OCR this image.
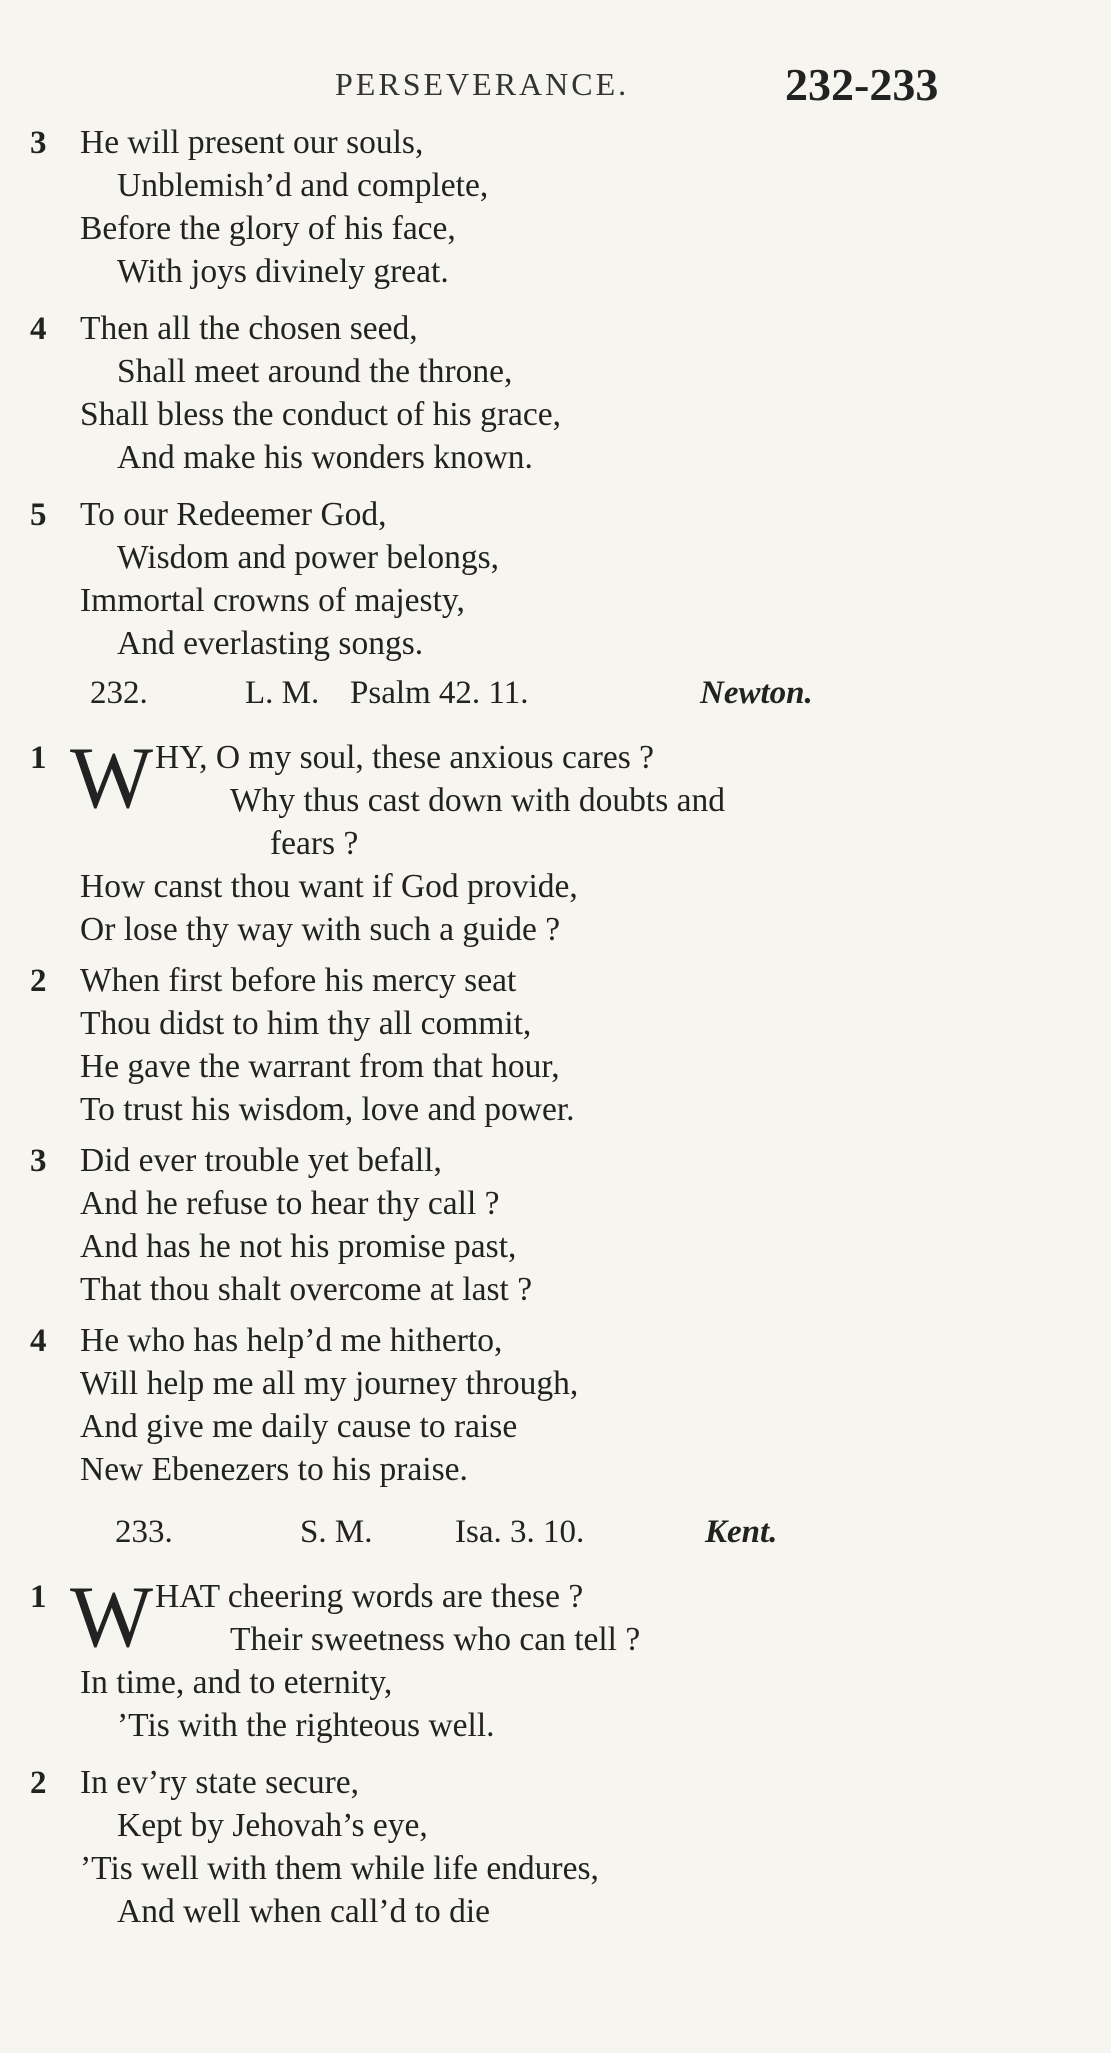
PERSEVERANCE.	232-233
3 He will present our souls,
Unblemish’d and complete,
Before the glory of his face,
With joys divinely great.
4 Then all the chosen seed,
Shall meet around the throne,
Shall bless the conduct of his grace,
And make his wonders known.
5 To our Redeemer God,
Wisdom and power belongs,
Immortal crowns of majesty,
And everlasting songs.
232.	L. M. Psalm 42. 11.	Newton.
1 W HY, O my soul, these anxious cares ?
Why thus cast down with doubts and
fears ?
How canst thou want if God provide,
Or lose thy way with such a guide ?
2 When first before his mercy seat
Thou didst to him thy all commit,
He gave the warrant from that hour,
To trust his wisdom, love and power.
3 Did ever trouble yet befall,
And he refuse to hear thy call ?
And has he not his promise past,
That thou shalt overcome at last ?
4 He who has help’d me hitherto,
Will help me all my journey through,
And give me daily cause to raise
New Ebenezers to his praise.
233.	S. M.	Isa. 3. 10.	Kent.
1 W HAT cheering words are these ?
Their sweetness who can tell ?
In time, and to eternity,
’Tis with the righteous well.
2 In ev’ry state secure,
Kept by Jehovah’s eye,
’Tis well with them while life endures,
And well when call’d to die
